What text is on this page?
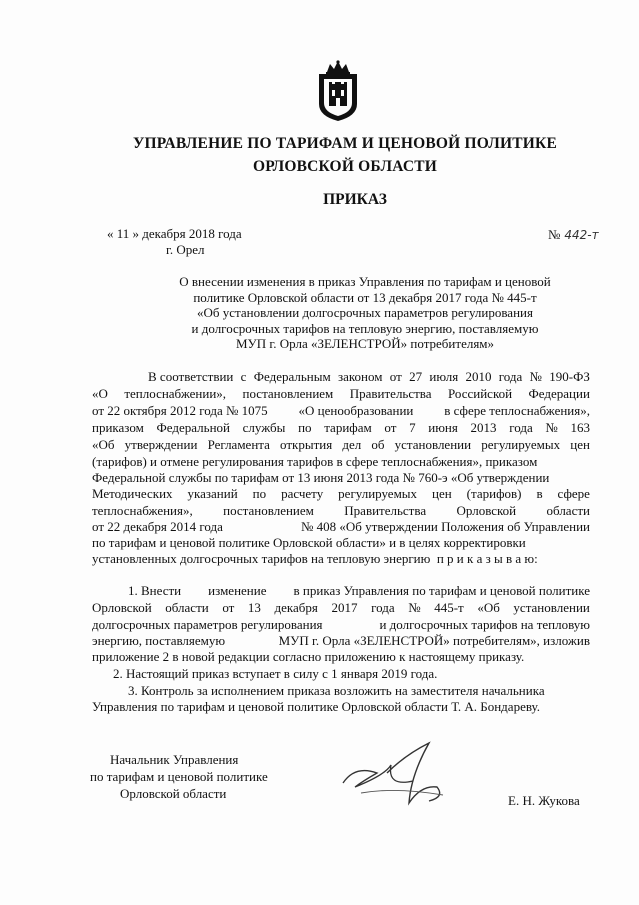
УПРАВЛЕНИЕ ПО ТАРИФАМ И ЦЕНОВОЙ ПОЛИТИКЕ
ОРЛОВСКОЙ ОБЛАСТИ
ПРИКАЗ
« 11 » декабря 2018 года
г. Орел
№ 442-т
О внесении изменения в приказ Управления по тарифам и ценовой
политике Орловской области от 13 декабря 2017 года № 445-т
«Об установлении долгосрочных параметров регулирования
и долгосрочных тарифов на тепловую энергию, поставляемую
МУП г. Орла «ЗЕЛЕНСТРОЙ» потребителям»
В соответствии с Федеральным законом от 27 июля 2010 года № 190-ФЗ
«О теплоснабжении», постановлением Правительства Российской Федерации
от 22 октября 2012 года № 1075 «О ценообразовании в сфере теплоснабжения»,
приказом Федеральной службы по тарифам от 7 июня 2013 года № 163
«Об утверждении Регламента открытия дел об установлении регулируемых цен
(тарифов) и отмене регулирования тарифов в сфере теплоснабжения», приказом
Федеральной службы по тарифам от 13 июня 2013 года № 760-э «Об утверждении
Методических указаний по расчету регулируемых цен (тарифов) в сфере
теплоснабжения», постановлением Правительства Орловской области
от 22 декабря 2014 года	№ 408 «Об утверждении Положения об Управлении
по тарифам и ценовой политике Орловской области» и в целях корректировки
установленных долгосрочных тарифов на тепловую энергию  п р и к а з ы в а ю:
1. Внести изменение в приказ Управления по тарифам и ценовой политике
Орловской области от 13 декабря 2017 года № 445-т «Об установлении
долгосрочных параметров регулирования	и долгосрочных тарифов на тепловую
энергию, поставляемую	МУП г. Орла «ЗЕЛЕНСТРОЙ» потребителям», изложив
приложение 2 в новой редакции согласно приложению к настоящему приказу.
2. Настоящий приказ вступает в силу с 1 января 2019 года.
3. Контроль за исполнением приказа возложить на заместителя начальника
Управления по тарифам и ценовой политике Орловской области Т. А. Бондареву.
Начальник Управления
по тарифам и ценовой политике
Орловской области	Е. Н. Жукова
